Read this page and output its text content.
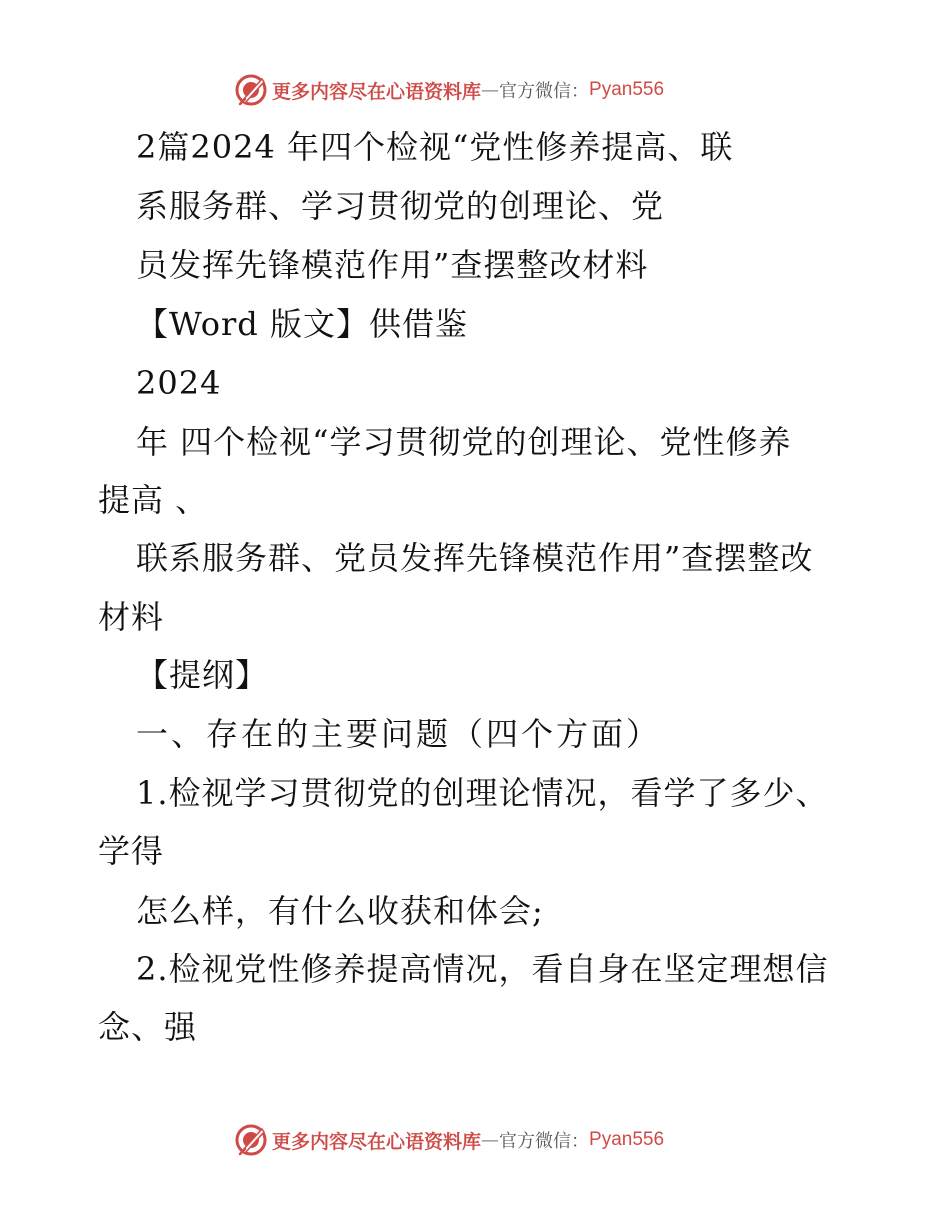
更多内容尽在心语资料库 — 官方微信： Pyan556

2篇2024 年四个检视“党性修养提高、联

系服务群、学习贯彻党的创理论、党

员发挥先锋模范作用”查摆整改材料

【Word 版文】供借鉴

2024

年 四个检视“学习贯彻党的创理论、党性修养

提高 、

联系服务群、党员发挥先锋模范作用”查摆整改

材料

【提纲】

一、存在的主要问题（四个方面）

1.检视学习贯彻党的创理论情况，看学了多少、

学得

怎么样，有什么收获和体会;

2.检视党性修养提高情况，看自身在坚定理想信

念、强

更多内容尽在心语资料库 — 官方微信： Pyan556
